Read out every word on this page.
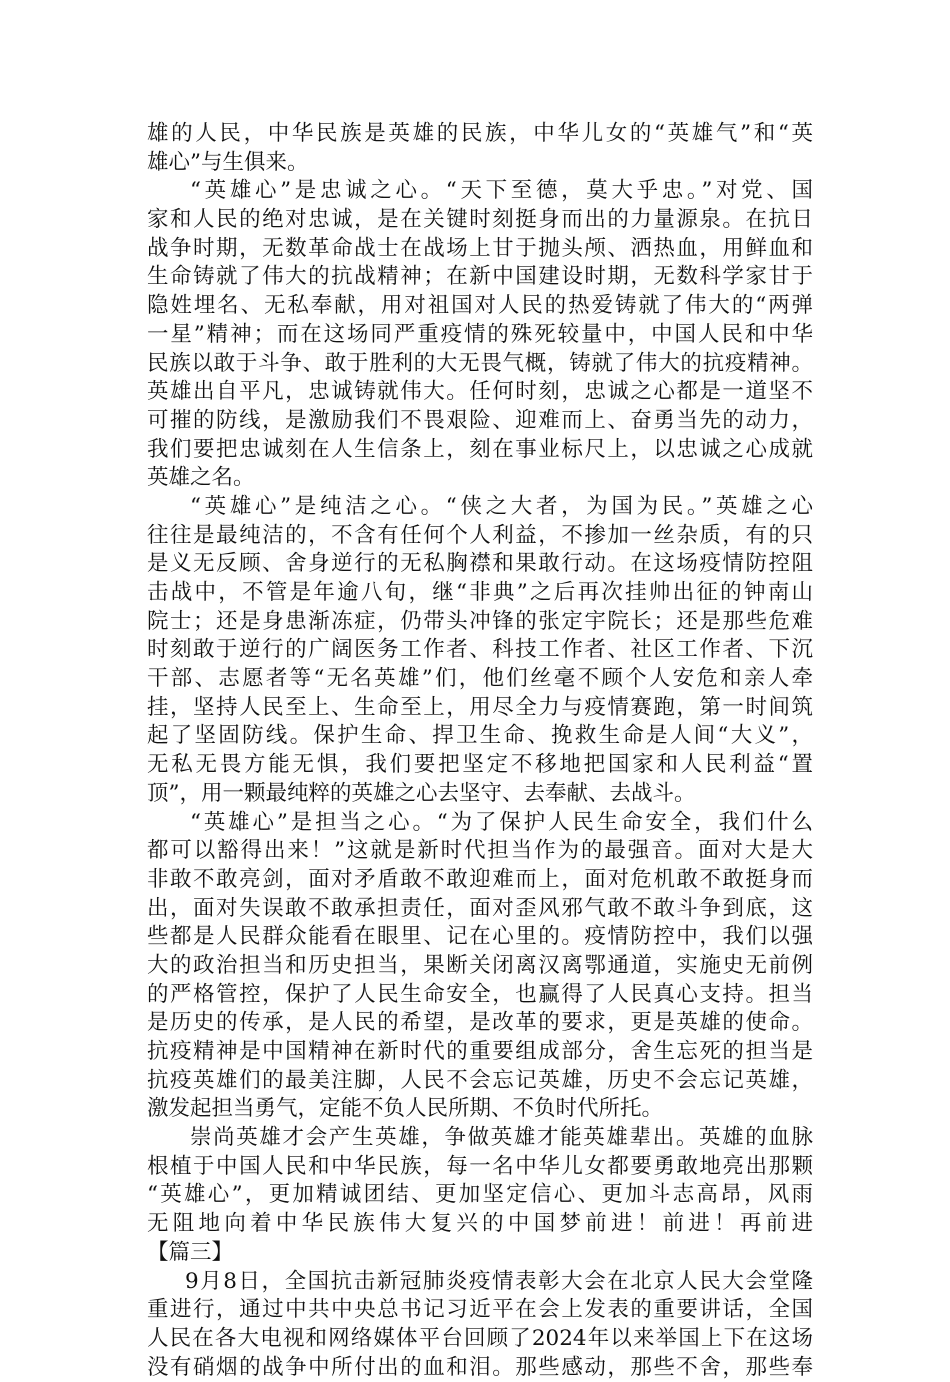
雄的人民，中华民族是英雄的民族，中华儿女的“英雄气”和“英
雄心”与生俱来。
“英雄心”是忠诚之心。“天下至德，莫大乎忠。”对党、国
家和人民的绝对忠诚，是在关键时刻挺身而出的力量源泉。在抗日
战争时期，无数革命战士在战场上甘于抛头颅、洒热血，用鲜血和
生命铸就了伟大的抗战精神；在新中国建设时期，无数科学家甘于
隐姓埋名、无私奉献，用对祖国对人民的热爱铸就了伟大的“两弹
一星”精神；而在这场同严重疫情的殊死较量中，中国人民和中华
民族以敢于斗争、敢于胜利的大无畏气概，铸就了伟大的抗疫精神。
英雄出自平凡，忠诚铸就伟大。任何时刻，忠诚之心都是一道坚不
可摧的防线，是激励我们不畏艰险、迎难而上、奋勇当先的动力，
我们要把忠诚刻在人生信条上，刻在事业标尺上，以忠诚之心成就
英雄之名。
“英雄心”是纯洁之心。“侠之大者，为国为民。”英雄之心
往往是最纯洁的，不含有任何个人利益，不掺加一丝杂质，有的只
是义无反顾、舍身逆行的无私胸襟和果敢行动。在这场疫情防控阻
击战中，不管是年逾八旬，继“非典”之后再次挂帅出征的钟南山
院士；还是身患渐冻症，仍带头冲锋的张定宇院长；还是那些危难
时刻敢于逆行的广阔医务工作者、科技工作者、社区工作者、下沉
干部、志愿者等“无名英雄”们，他们丝毫不顾个人安危和亲人牵
挂，坚持人民至上、生命至上，用尽全力与疫情赛跑，第一时间筑
起了坚固防线。保护生命、捍卫生命、挽救生命是人间“大义”，
无私无畏方能无惧，我们要把坚定不移地把国家和人民利益“置
顶”，用一颗最纯粹的英雄之心去坚守、去奉献、去战斗。
“英雄心”是担当之心。“为了保护人民生命安全，我们什么
都可以豁得出来！”这就是新时代担当作为的最强音。面对大是大
非敢不敢亮剑，面对矛盾敢不敢迎难而上，面对危机敢不敢挺身而
出，面对失误敢不敢承担责任，面对歪风邪气敢不敢斗争到底，这
些都是人民群众能看在眼里、记在心里的。疫情防控中，我们以强
大的政治担当和历史担当，果断关闭离汉离鄂通道，实施史无前例
的严格管控，保护了人民生命安全，也赢得了人民真心支持。担当
是历史的传承，是人民的希望，是改革的要求，更是英雄的使命。
抗疫精神是中国精神在新时代的重要组成部分，舍生忘死的担当是
抗疫英雄们的最美注脚，人民不会忘记英雄，历史不会忘记英雄，
激发起担当勇气，定能不负人民所期、不负时代所托。
崇尚英雄才会产生英雄，争做英雄才能英雄辈出。英雄的血脉
根植于中国人民和中华民族，每一名中华儿女都要勇敢地亮出那颗
“英雄心”，更加精诚团结、更加坚定信心、更加斗志高昂，风雨
无阻地向着中华民族伟大复兴的中国梦前进！前进！再前进
【篇三】
9月8日，全国抗击新冠肺炎疫情表彰大会在北京人民大会堂隆
重进行，通过中共中央总书记习近平在会上发表的重要讲话，全国
人民在各大电视和网络媒体平台回顾了2024年以来举国上下在这场
没有硝烟的战争中所付出的血和泪。那些感动，那些不舍，那些奉
